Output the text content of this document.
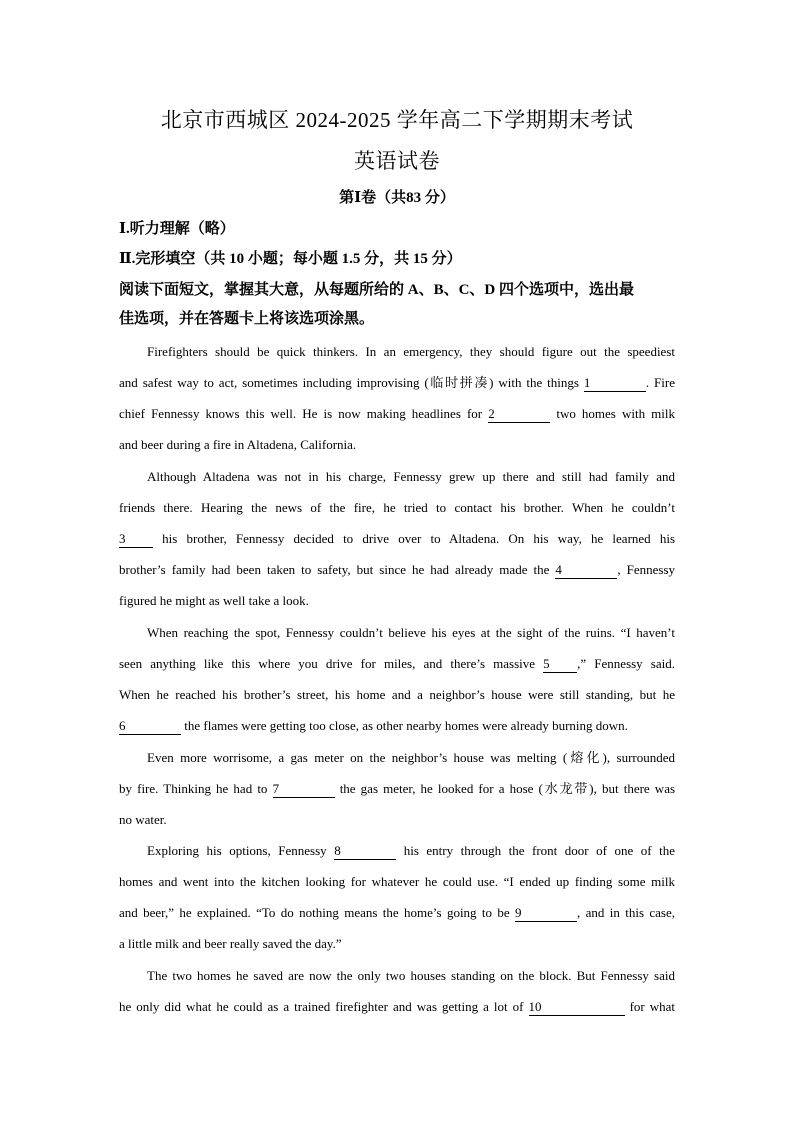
北京市西城区 2024-2025 学年高二下学期期末考试
英语试卷
第Ⅰ卷（共83 分）
Ⅰ.听力理解（略）
Ⅱ.完形填空（共 10 小题；每小题 1.5 分，共 15 分）
阅读下面短文，掌握其大意，从每题所给的 A、B、C、D 四个选项中，选出最
佳选项，并在答题卡上将该选项涂黑。
Firefighters should be quick thinkers. In an emergency, they should figure out the speediest
and safest way to act, sometimes including improvising (临时拼凑) with the things 1	. Fire
chief Fennessy knows this well. He is now making headlines for 2	two homes with milk
and beer during a fire in Altadena, California.
Although Altadena was not in his charge, Fennessy grew up there and still had family and
friends there. Hearing the news of the fire, he tried to contact his brother. When he couldn’t
3	his brother, Fennessy decided to drive over to Altadena. On his way, he learned his
brother’s family had been taken to safety, but since he had already made the 4	, Fennessy
figured he might as well take a look.
When reaching the spot, Fennessy couldn’t believe his eyes at the sight of the ruins. “I haven’t
seen anything like this where you drive for miles, and there’s massive 5 ,” Fennessy said.
When he reached his brother’s street, his home and a neighbor’s house were still standing, but he
6	the flames were getting too close, as other nearby homes were already burning down.
Even more worrisome, a gas meter on the neighbor’s house was melting (熔化), surrounded
by fire. Thinking he had to 7	the gas meter, he looked for a hose (水龙带), but there was
no water.
Exploring his options, Fennessy 8	his entry through the front door of one of the
homes and went into the kitchen looking for whatever he could use. “I ended up finding some milk
and beer,” he explained. “To do nothing means the home’s going to be 9	, and in this case,
a little milk and beer really saved the day.”
The two homes he saved are now the only two houses standing on the block. But Fennessy said
he only did what he could as a trained firefighter and was getting a lot of 10	for what
